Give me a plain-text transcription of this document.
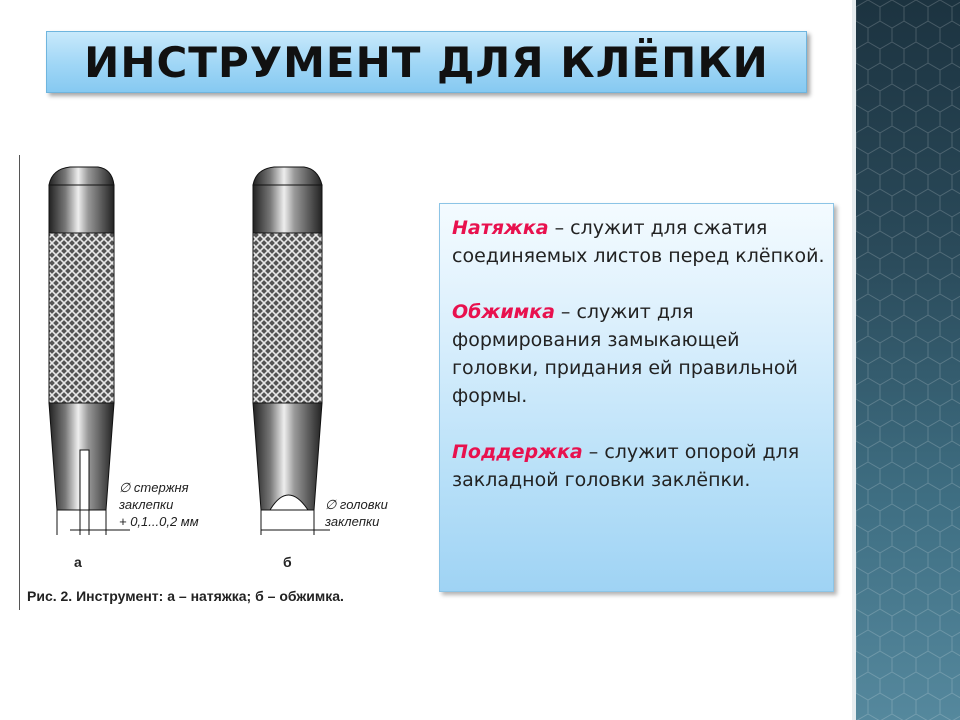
ИНСТРУМЕНТ ДЛЯ КЛЁПКИ
∅ стержня
заклепки
+ 0,1...0,2 мм
∅ головки
заклепки
а	б
Рис. 2. Инструмент: а – натяжка; б – обжимка.

Натяжка – служит для сжатия соединяемых листов перед клёпкой.

Обжимка – служит для формирования замыкающей головки, придания ей правильной формы.

Поддержка – служит опорой для закладной головки заклёпки.
